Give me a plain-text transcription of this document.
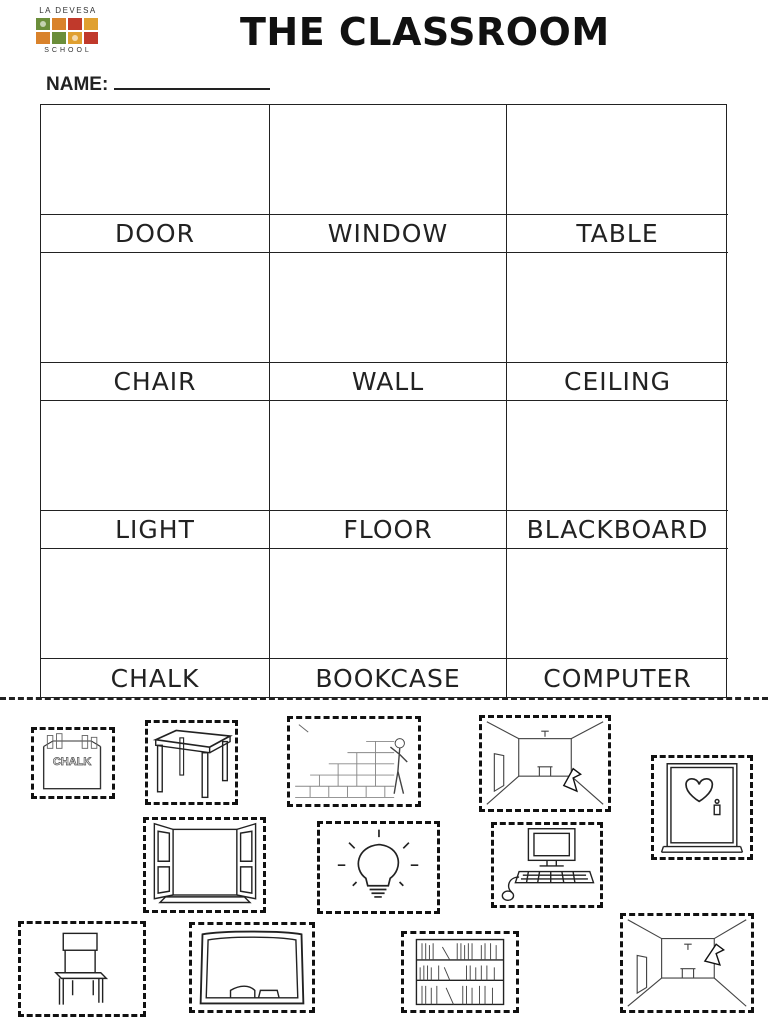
LA DEVESA
SCHOOL	THE CLASSROOM
NAME:
DOOR	WINDOW	TABLE
CHAIR	WALL	CEILING
LIGHT	FLOOR	BLACKBOARD
CHALK	BOOKCASE	COMPUTER
CHALK
